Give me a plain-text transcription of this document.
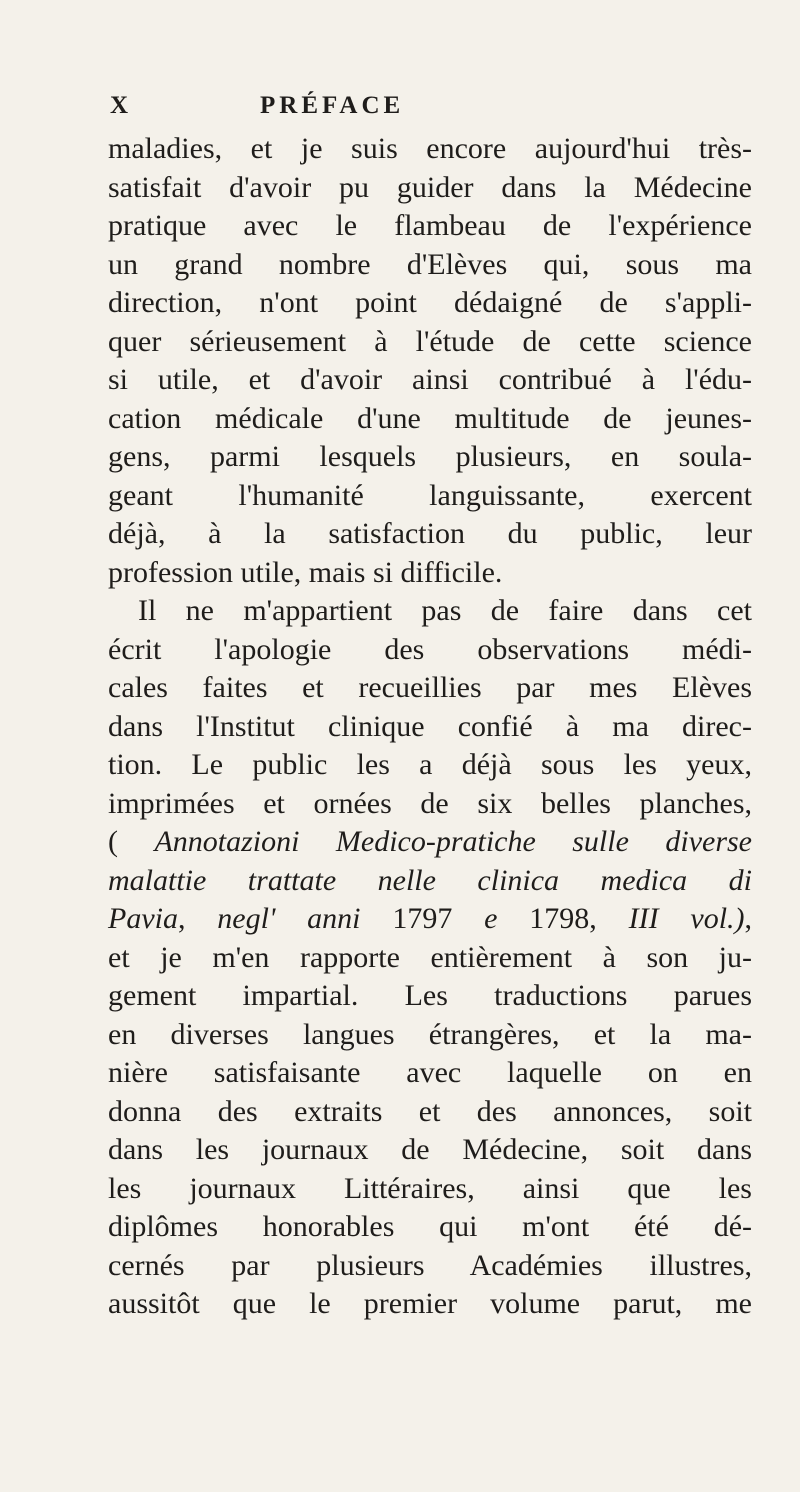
X	PRÉFACE
maladies, et je suis encore aujourd'hui très-
satisfait d'avoir pu guider dans la Médecine
pratique avec le flambeau de l'expérience
un grand nombre d'Elèves qui, sous ma
direction, n'ont point dédaigné de s'appli-
quer sérieusement à l'étude de cette science
si utile, et d'avoir ainsi contribué à l'édu-
cation médicale d'une multitude de jeunes-
gens, parmi lesquels plusieurs, en soula-
geant l'humanité languissante, exercent
déjà, à la satisfaction du public, leur
profession utile, mais si difficile.
Il ne m'appartient pas de faire dans cet
écrit l'apologie des observations médi-
cales faites et recueillies par mes Elèves
dans l'Institut clinique confié à ma direc-
tion. Le public les a déjà sous les yeux,
imprimées et ornées de six belles planches,
( Annotazioni Medico-pratiche sulle diverse
malattie trattate nelle clinica medica di
Pavia, negl' anni 1797 e 1798, III vol.),
et je m'en rapporte entièrement à son ju-
gement impartial. Les traductions parues
en diverses langues étrangères, et la ma-
nière satisfaisante avec laquelle on en
donna des extraits et des annonces, soit
dans les journaux de Médecine, soit dans
les journaux Littéraires, ainsi que les
diplômes honorables qui m'ont été dé-
cernés par plusieurs Académies illustres,
aussitôt que le premier volume parut, me
